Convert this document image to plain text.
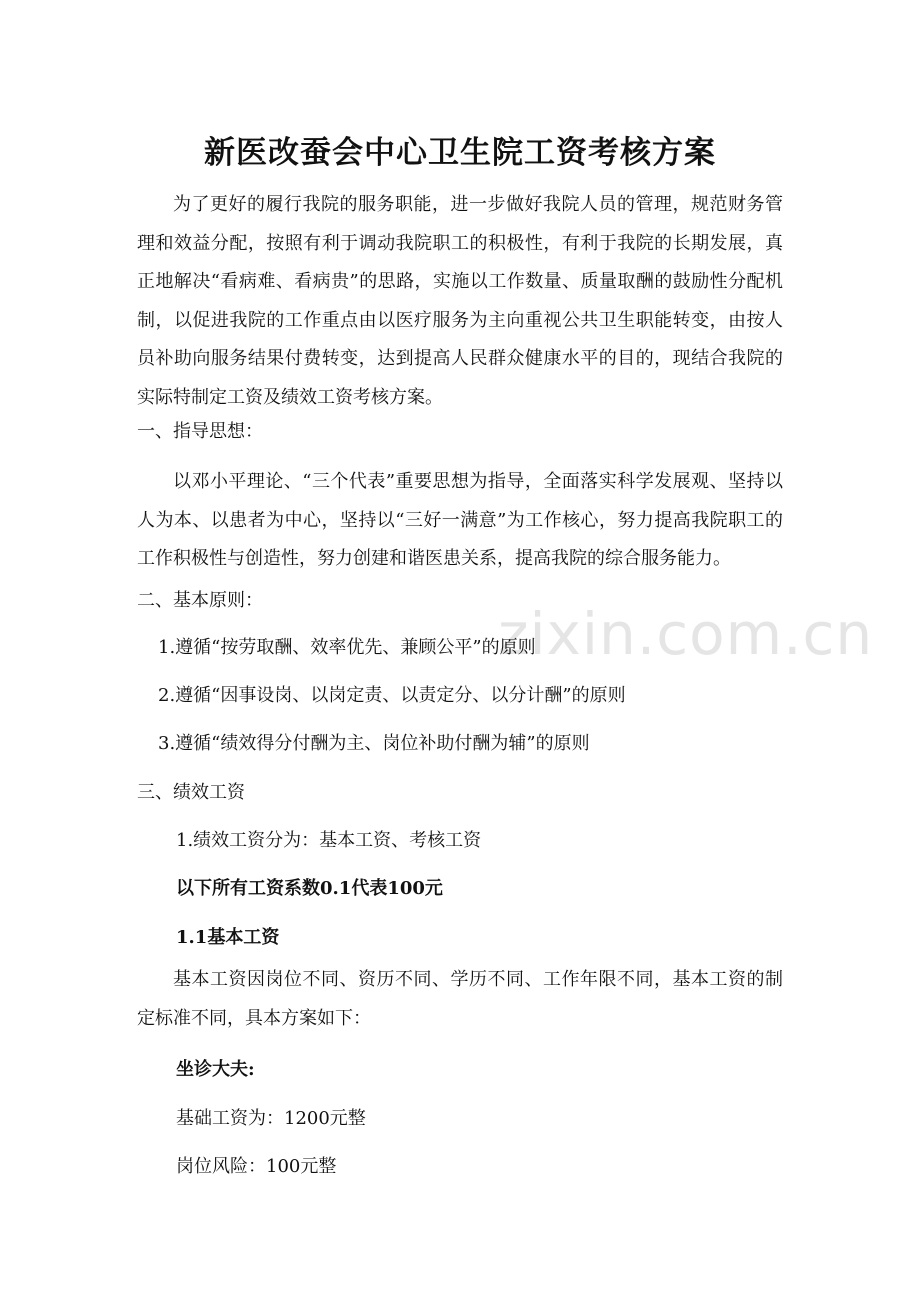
zixin.com.cn
新医改蚕会中心卫生院工资考核方案
为了更好的履行我院的服务职能，进一步做好我院人员的管理，规范财务管理和效益分配，按照有利于调动我院职工的积极性，有利于我院的长期发展，真正地解决“看病难、看病贵”的思路，实施以工作数量、质量取酬的鼓励性分配机制，以促进我院的工作重点由以医疗服务为主向重视公共卫生职能转变，由按人员补助向服务结果付费转变，达到提高人民群众健康水平的目的，现结合我院的实际特制定工资及绩效工资考核方案。
一、指导思想：
以邓小平理论、“三个代表”重要思想为指导，全面落实科学发展观、坚持以人为本、以患者为中心，坚持以“三好一满意”为工作核心，努力提高我院职工的工作积极性与创造性，努力创建和谐医患关系，提高我院的综合服务能力。
二、基本原则：
1.遵循“按劳取酬、效率优先、兼顾公平”的原则
2.遵循“因事设岗、以岗定责、以责定分、以分计酬”的原则
3.遵循“绩效得分付酬为主、岗位补助付酬为辅”的原则
三、绩效工资
1.绩效工资分为：基本工资、考核工资
以下所有工资系数0.1代表100元
1.1基本工资
基本工资因岗位不同、资历不同、学历不同、工作年限不同，基本工资的制定标准不同，具本方案如下：
坐诊大夫:
基础工资为：1200元整
岗位风险：100元整
